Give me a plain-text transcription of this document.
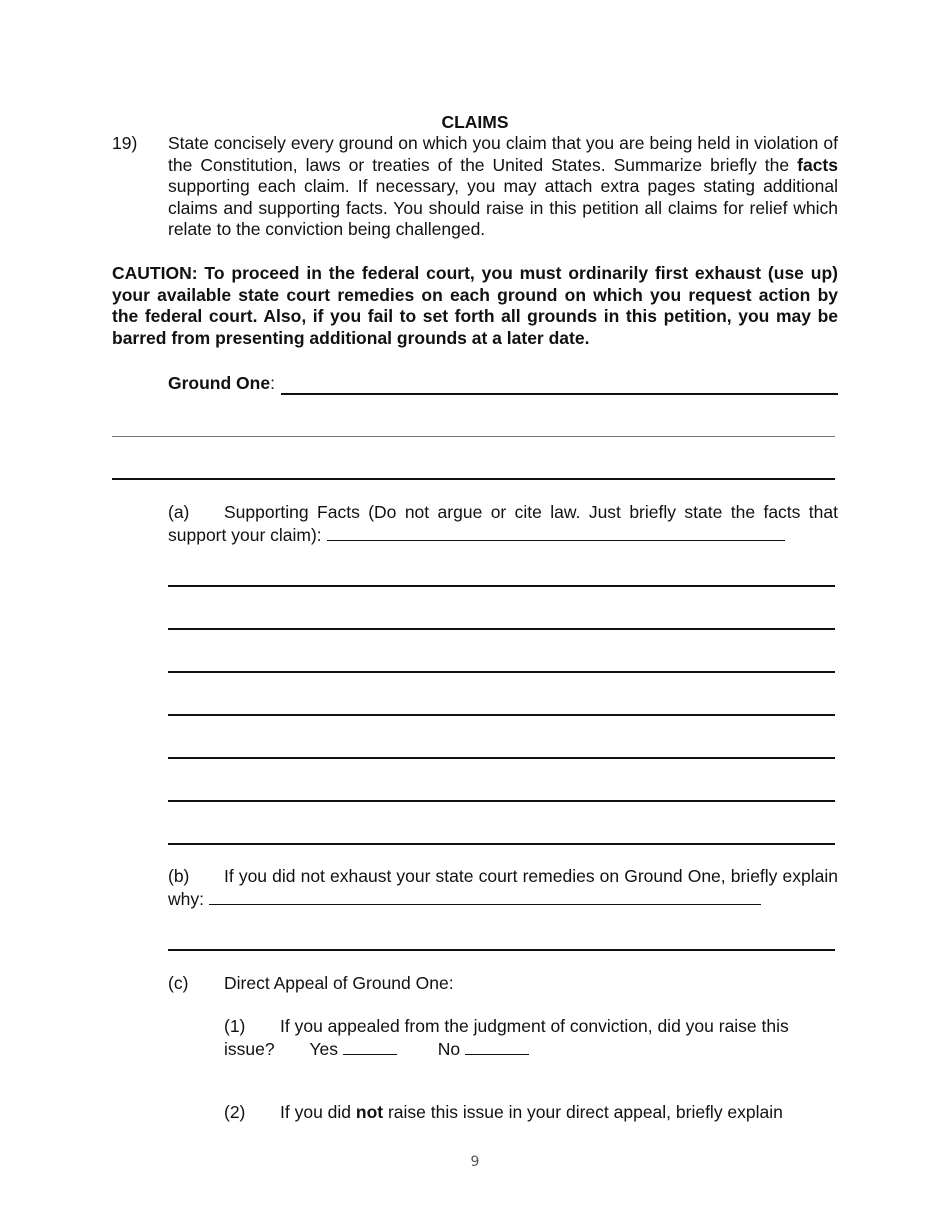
CLAIMS
19) State concisely every ground on which you claim that you are being held in violation of the Constitution, laws or treaties of the United States. Summarize briefly the facts supporting each claim. If necessary, you may attach extra pages stating additional claims and supporting facts. You should raise in this petition all claims for relief which relate to the conviction being challenged.
CAUTION: To proceed in the federal court, you must ordinarily first exhaust (use up) your available state court remedies on each ground on which you request action by the federal court. Also, if you fail to set forth all grounds in this petition, you may be barred from presenting additional grounds at a later date.
Ground One :
(a) Supporting Facts (Do not argue or cite law. Just briefly state the facts that support your claim):
(b) If you did not exhaust your state court remedies on Ground One, briefly explain why:
(c) Direct Appeal of Ground One:
(1) If you appealed from the judgment of conviction, did you raise this issue? Yes	No
(2) If you did not raise this issue in your direct appeal, briefly explain
9
